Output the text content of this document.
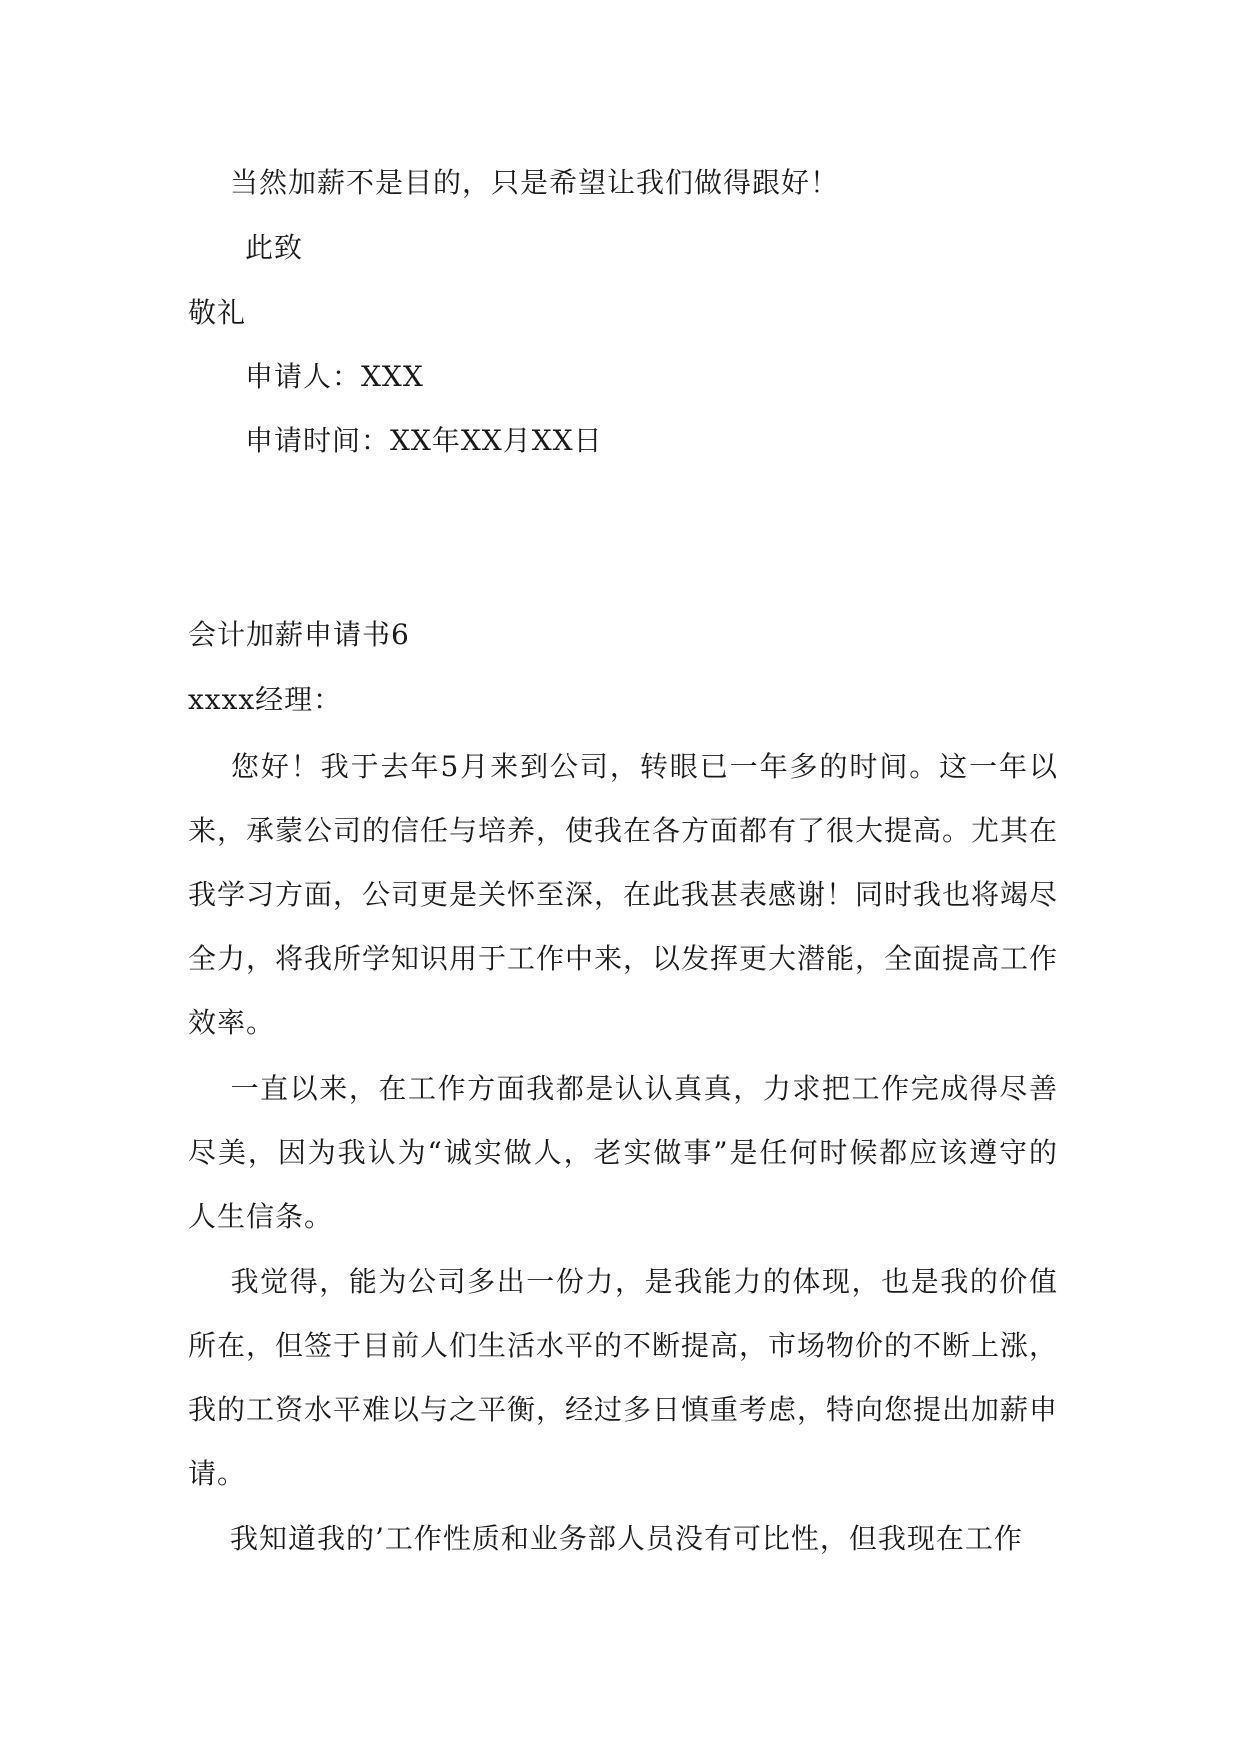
当然加薪不是目的，只是希望让我们做得跟好！
此致
敬礼
申请人：XXX
申请时间：XX年XX月XX日
会计加薪申请书6
xxxx经理：
您好！我于去年5月来到公司，转眼已一年多的时间。这一年以来，承蒙公司的信任与培养，使我在各方面都有了很大提高。尤其在我学习方面，公司更是关怀至深，在此我甚表感谢！同时我也将竭尽全力，将我所学知识用于工作中来，以发挥更大潜能，全面提高工作效率。
一直以来，在工作方面我都是认认真真，力求把工作完成得尽善尽美，因为我认为“诚实做人，老实做事”是任何时候都应该遵守的人生信条。
我觉得，能为公司多出一份力，是我能力的体现，也是我的价值所在，但签于目前人们生活水平的不断提高，市场物价的不断上涨，我的工资水平难以与之平衡，经过多日慎重考虑，特向您提出加薪申请。
我知道我的’工作性质和业务部人员没有可比性，但我现在工作
